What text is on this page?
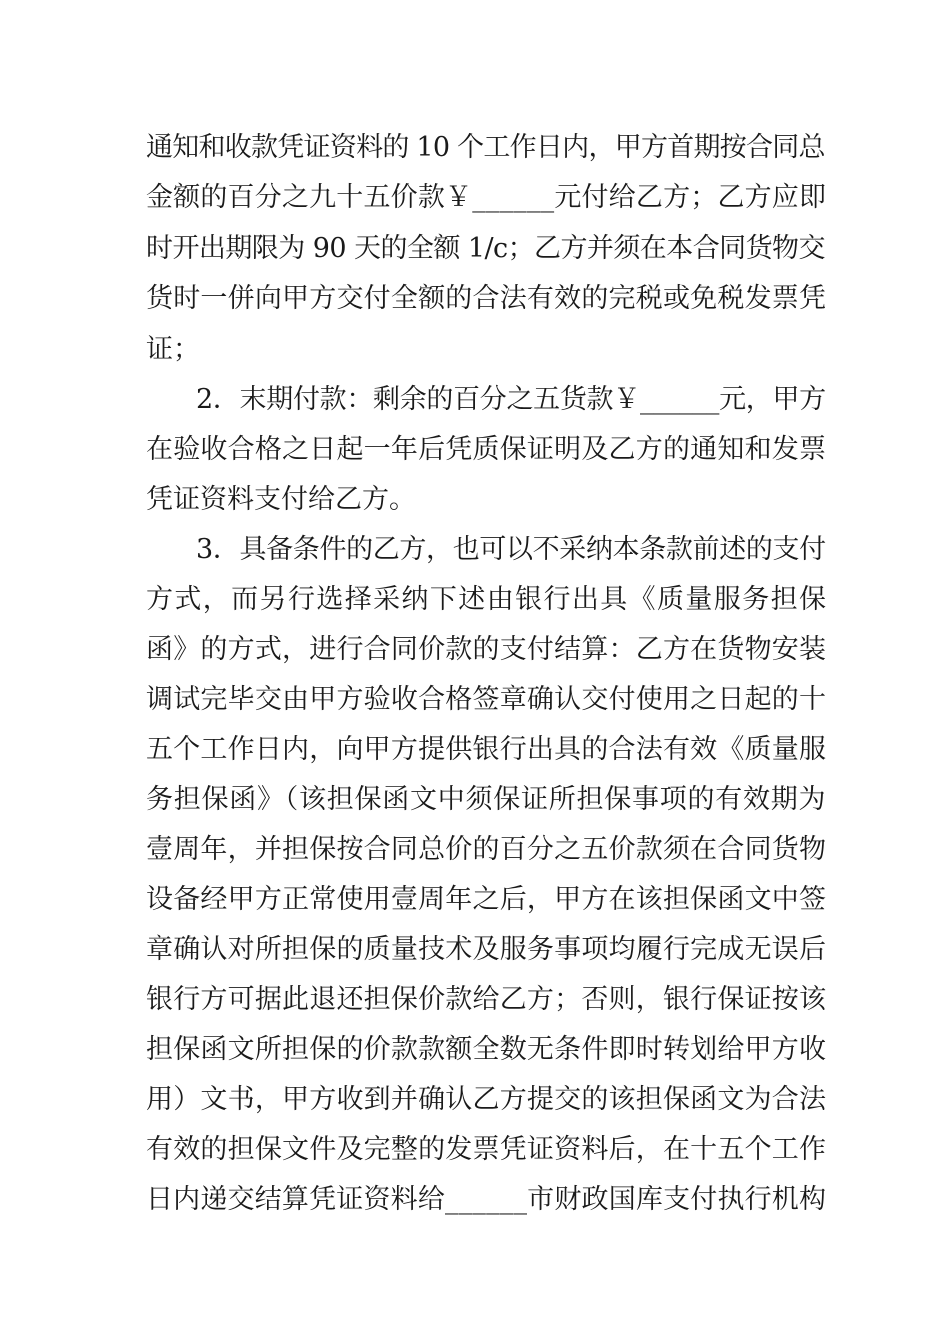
通知和收款凭证资料的 10 个工作日内，甲方首期按合同总
金额的百分之九十五价款￥______元付给乙方；乙方应即
时开出期限为 90 天的全额 1/c；乙方并须在本合同货物交
货时一併向甲方交付全额的合法有效的完税或免税发票凭
证；
2．末期付款：剩余的百分之五货款￥______元，甲方
在验收合格之日起一年后凭质保证明及乙方的通知和发票
凭证资料支付给乙方。
3．具备条件的乙方，也可以不采纳本条款前述的支付
方式，而另行选择采纳下述由银行出具《质量服务担保
函》的方式，进行合同价款的支付结算：乙方在货物安装
调试完毕交由甲方验收合格签章确认交付使用之日起的十
五个工作日内，向甲方提供银行出具的合法有效《质量服
务担保函》（该担保函文中须保证所担保事项的有效期为
壹周年，并担保按合同总价的百分之五价款须在合同货物
设备经甲方正常使用壹周年之后，甲方在该担保函文中签
章确认对所担保的质量技术及服务事项均履行完成无误后
银行方可据此退还担保价款给乙方；否则，银行保证按该
担保函文所担保的价款款额全数无条件即时转划给甲方收
用）文书，甲方收到并确认乙方提交的该担保函文为合法
有效的担保文件及完整的发票凭证资料后，在十五个工作
日内递交结算凭证资料给______市财政国库支付执行机构
